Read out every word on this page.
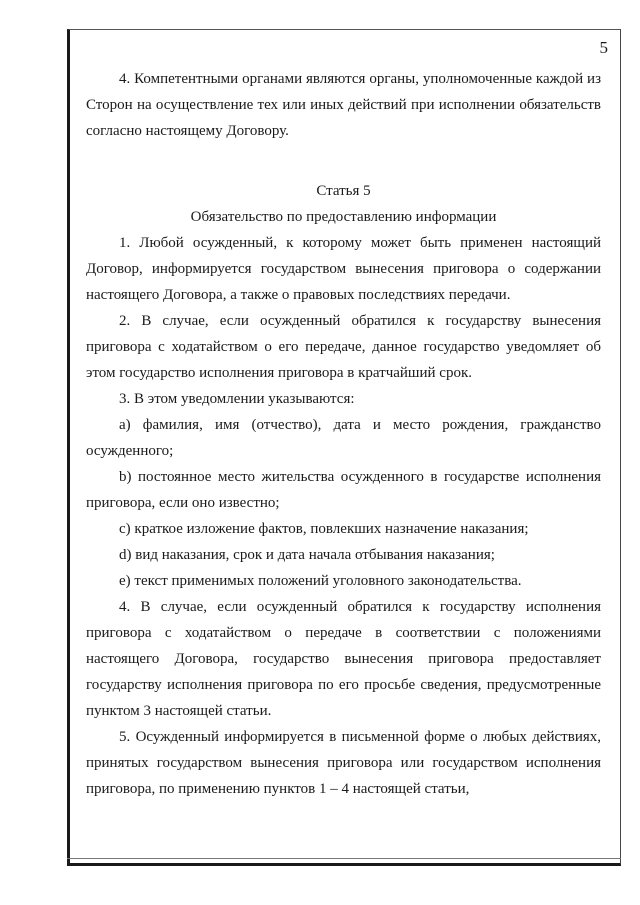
5

4. Компетентными органами являются органы, уполномоченные каждой из Сторон на осуществление тех или иных действий при исполнении обязательств согласно настоящему Договору.

Статья 5

Обязательство по предоставлению информации

1. Любой осужденный, к которому может быть применен настоящий Договор, информируется государством вынесения приговора о содержании настоящего Договора, а также о правовых последствиях передачи.

2. В случае, если осужденный обратился к государству вынесения приговора с ходатайством о его передаче, данное государство уведомляет об этом государство исполнения приговора в кратчайший срок.

3. В этом уведомлении указываются:

а) фамилия, имя (отчество), дата и место рождения, гражданство осужденного;

b) постоянное место жительства осужденного в государстве исполнения приговора, если оно известно;

с) краткое изложение фактов, повлекших назначение наказания;

d) вид наказания, срок и дата начала отбывания наказания;

е) текст применимых положений уголовного законодательства.

4. В случае, если осужденный обратился к государству исполнения приговора с ходатайством о передаче в соответствии с положениями настоящего Договора, государство вынесения приговора предоставляет государству исполнения приговора по его просьбе сведения, предусмотренные пунктом 3 настоящей статьи.

5. Осужденный информируется в письменной форме о любых действиях, принятых государством вынесения приговора или государством исполнения приговора, по применению пунктов 1 – 4 настоящей статьи,
